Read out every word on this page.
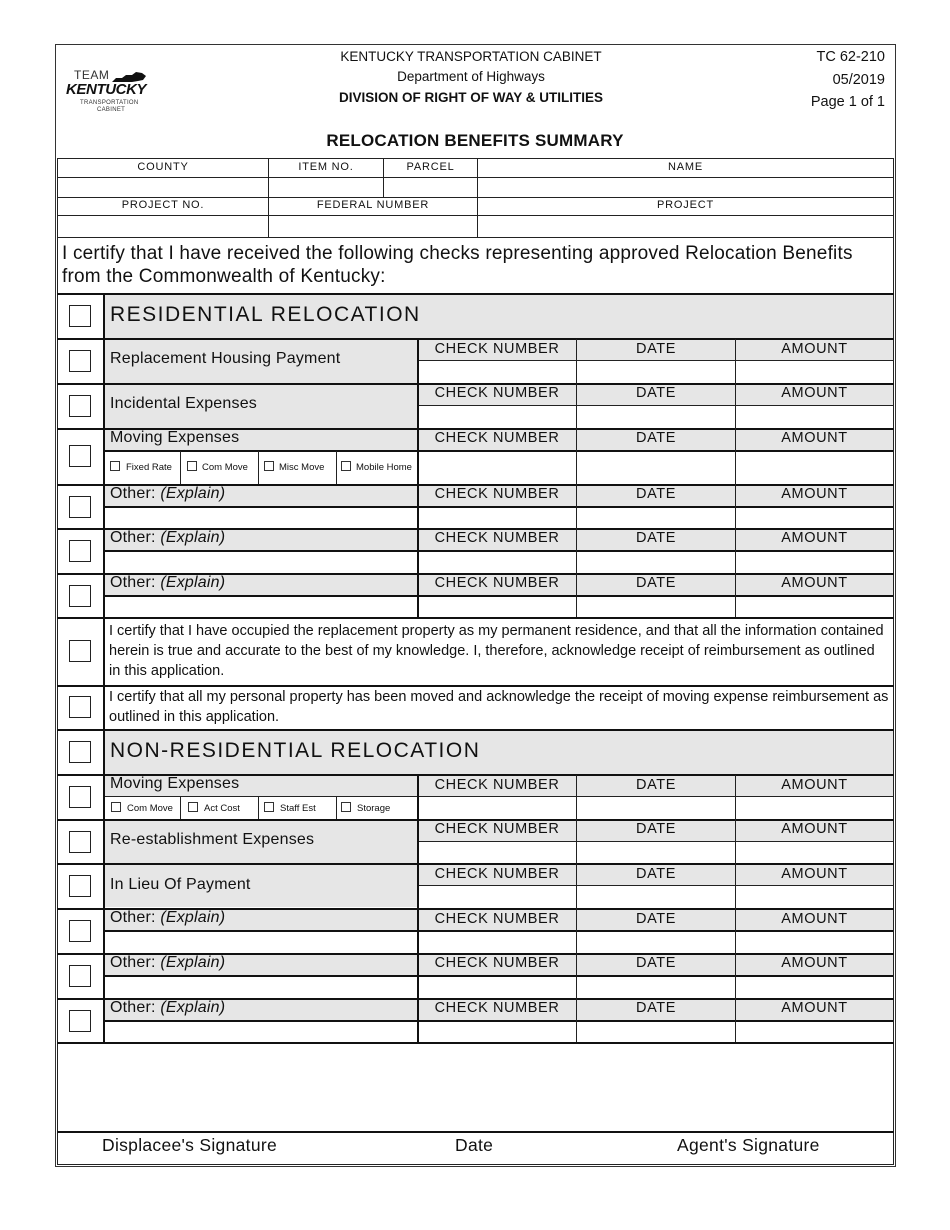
TEAM
KENTUCKY
TRANSPORTATION
CABINET
KENTUCKY TRANSPORTATION CABINET
Department of Highways
DIVISION OF RIGHT OF WAY & UTILITIES
TC 62-210
05/2019
Page 1 of 1
RELOCATION BENEFITS SUMMARY
COUNTY	ITEM NO.	PARCEL	NAME
PROJECT NO.	FEDERAL NUMBER	PROJECT
I certify that I have received the following checks representing approved Relocation Benefits from the Commonwealth of Kentucky:
RESIDENTIAL RELOCATION
Replacement Housing Payment
CHECK NUMBER	DATE	AMOUNT
Incidental Expenses
CHECK NUMBER	DATE	AMOUNT
Moving Expenses	CHECK NUMBER	DATE	AMOUNT
Fixed Rate	Com Move	Misc Move	Mobile Home
Other: (Explain)	CHECK NUMBER	DATE	AMOUNT
Other: (Explain)	CHECK NUMBER	DATE	AMOUNT
Other: (Explain)	CHECK NUMBER	DATE	AMOUNT
I certify that I have occupied the replacement property as my permanent residence, and that all the information contained herein is true and accurate to the best of my knowledge. I, therefore, acknowledge receipt of reimbursement as outlined in this application.
I certify that all my personal property has been moved and acknowledge the receipt of moving expense reimbursement as outlined in this application.
NON-RESIDENTIAL RELOCATION
Moving Expenses	CHECK NUMBER	DATE	AMOUNT
Com Move	Act Cost	Staff Est	Storage
Re-establishment Expenses
CHECK NUMBER	DATE	AMOUNT
In Lieu Of Payment
CHECK NUMBER	DATE	AMOUNT
Other: (Explain)	CHECK NUMBER	DATE	AMOUNT
Other: (Explain)	CHECK NUMBER	DATE	AMOUNT
Other: (Explain)	CHECK NUMBER	DATE	AMOUNT
Displacee's Signature	Date	Agent's Signature
